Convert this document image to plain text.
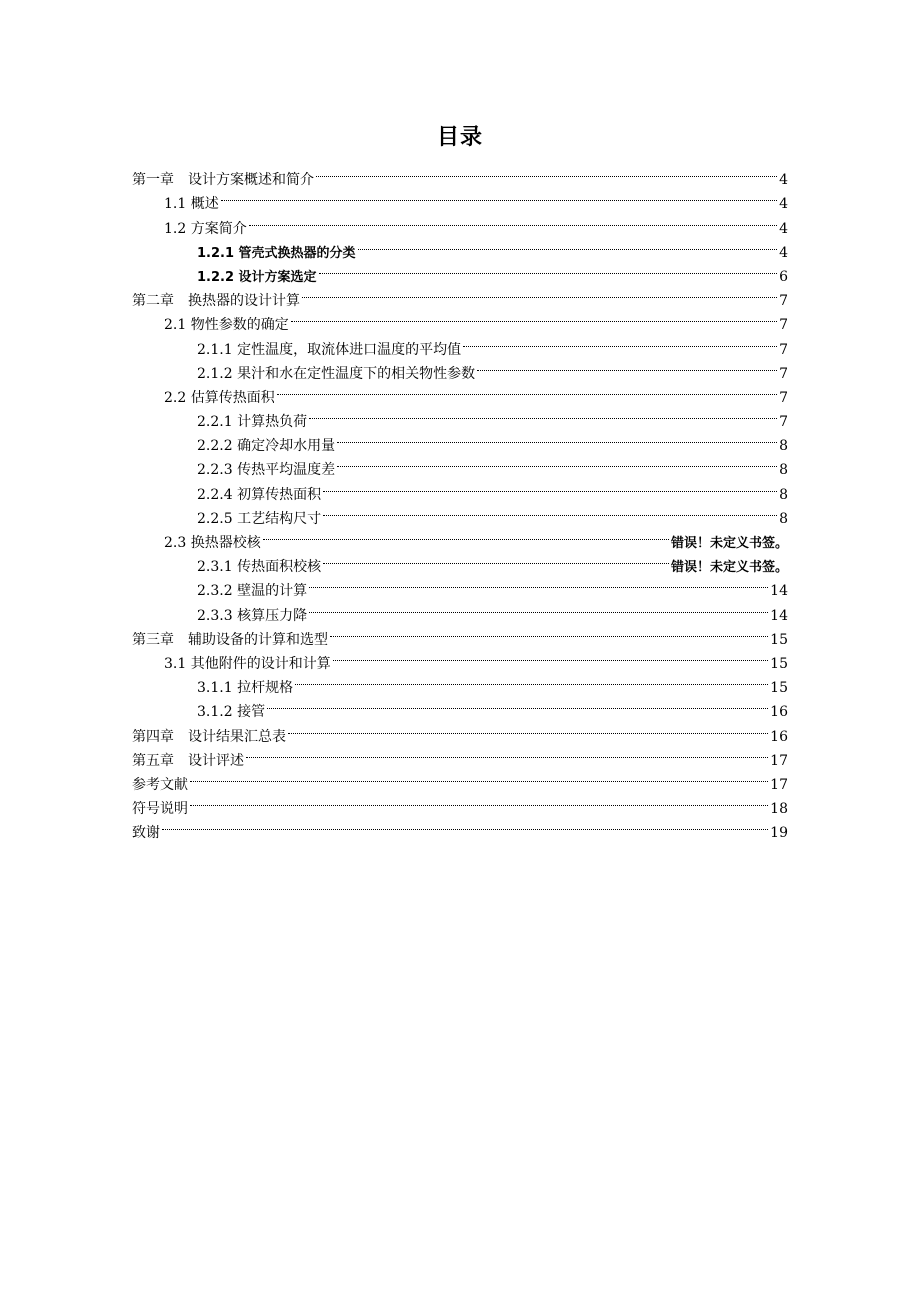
目录
第一章　设计方案概述和简介	4
1.1 概述	4
1.2 方案简介	4
1.2.1 管壳式换热器的分类	4
1.2.2 设计方案选定	6
第二章　换热器的设计计算	7
2.1 物性参数的确定	7
2.1.1 定性温度，取流体进口温度的平均值	7
2.1.2 果汁和水在定性温度下的相关物性参数	7
2.2 估算传热面积	7
2.2.1 计算热负荷	7
2.2.2 确定冷却水用量	8
2.2.3 传热平均温度差	8
2.2.4 初算传热面积	8
2.2.5 工艺结构尺寸	8
2.3 换热器校核	错误！未定义书签。
2.3.1 传热面积校核	错误！未定义书签。
2.3.2 壁温的计算	14
2.3.3 核算压力降	14
第三章　辅助设备的计算和选型	15
3.1 其他附件的设计和计算	15
3.1.1 拉杆规格	15
3.1.2 接管	16
第四章　设计结果汇总表	16
第五章　设计评述	17
参考文献	17
符号说明	18
致谢	19
